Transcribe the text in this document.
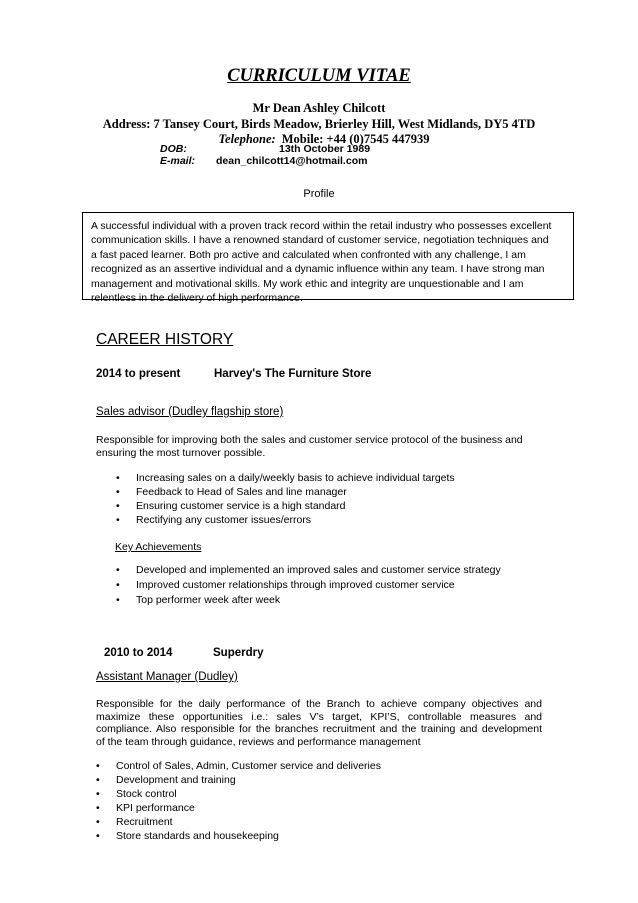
CURRICULUM VITAE
Mr Dean Ashley Chilcott
Address: 7 Tansey Court, Birds Meadow, Brierley Hill, West Midlands, DY5 4TD
Telephone: Mobile: +44 (0)7545 447939
DOB:	13th October 1989
E-mail: dean_chilcott14@hotmail.com
Profile
A successful individual with a proven track record within the retail industry who possesses excellent
communication skills. I have a renowned standard of customer service, negotiation techniques and
a fast paced learner. Both pro active and calculated when confronted with any challenge, I am
recognized as an assertive individual and a dynamic influence within any team. I have strong man
management and motivational skills. My work ethic and integrity are unquestionable and I am
relentless in the delivery of high performance.
CAREER HISTORY
2014 to present	Harvey's The Furniture Store
Sales advisor (Dudley flagship store)
Responsible for improving both the sales and customer service protocol of the business and
ensuring the most turnover possible.
• Increasing sales on a daily/weekly basis to achieve individual targets
• Feedback to Head of Sales and line manager
• Ensuring customer service is a high standard
• Rectifying any customer issues/errors
Key Achievements
• Developed and implemented an improved sales and customer service strategy
• Improved customer relationships through improved customer service
• Top performer week after week
2010 to 2014	Superdry
Assistant Manager (Dudley)
Responsible for the daily performance of the Branch to achieve company objectives and
maximize these opportunities i.e.: sales V’s target, KPI’S, controllable measures and
compliance. Also responsible for the branches recruitment and the training and development
of the team through guidance, reviews and performance management
• Control of Sales, Admin, Customer service and deliveries
• Development and training
• Stock control
• KPI performance
• Recruitment
• Store standards and housekeeping
